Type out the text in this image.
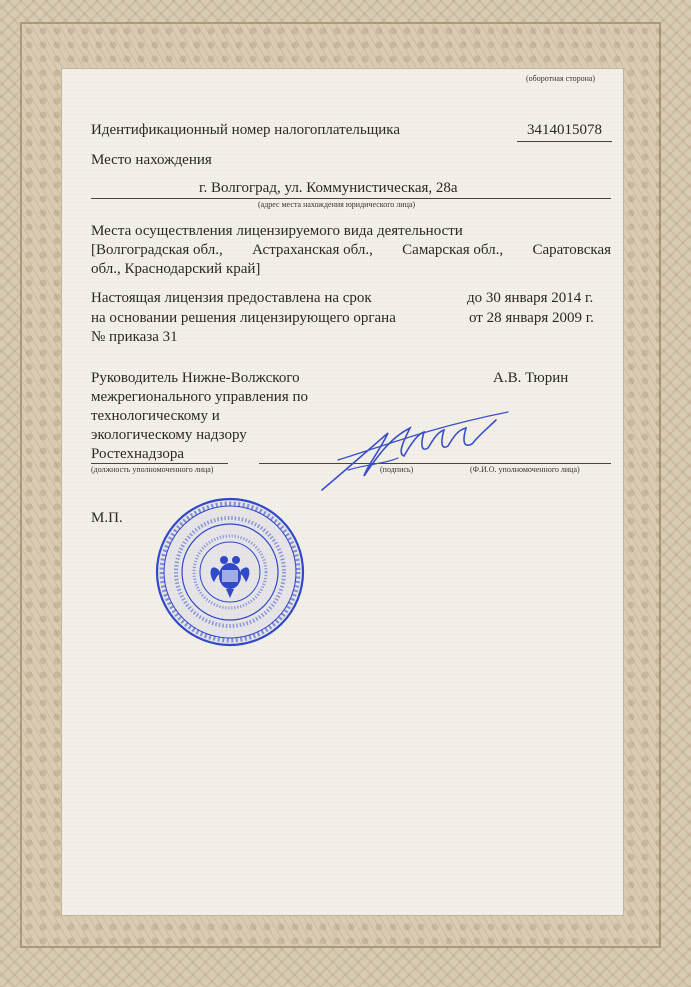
(оборотная сторона)
Идентификационный номер налогоплательщика	3414015078
Место нахождения
г. Волгоград, ул. Коммунистическая, 28а
(адрес места нахождения юридического лица)
Места осуществления лицензируемого вида деятельности
[Волгоградская обл., Астраханская обл., Самарская обл., Саратовская
обл., Краснодарский край]
Настоящая лицензия предоставлена на срок	до 30 января 2014 г.
на основании решения лицензирующего органа	от 28 января 2009 г.
№ приказа 31
Руководитель Нижне-Волжского
межрегионального управления по
технологическому и
экологическому надзору
Ростехнадзора
А.В. Тюрин
(должность уполномоченного лица)	(подпись)	(Ф.И.О. уполномоченного лица)
М.П.
